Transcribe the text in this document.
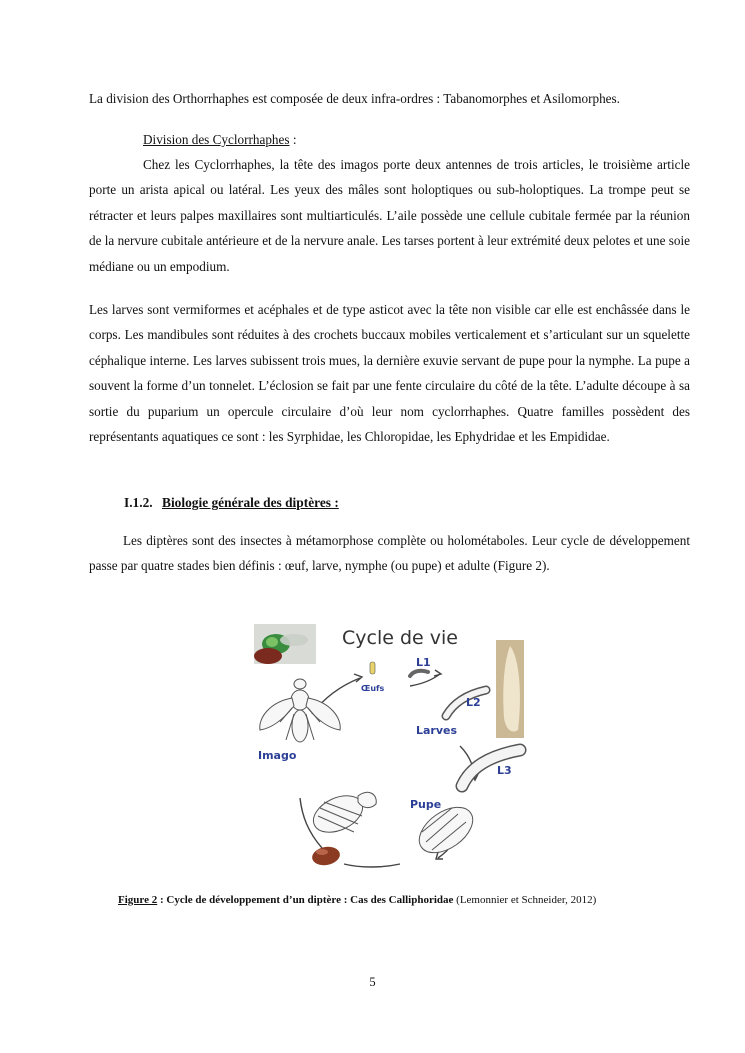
La division des Orthorrhaphes est composée de deux infra-ordres : Tabanomorphes et Asilomorphes.

Division des Cyclorrhaphes :

Chez les Cyclorrhaphes, la tête des imagos porte deux antennes de trois articles, le troisième article porte un arista apical ou latéral. Les yeux des mâles sont holoptiques ou sub-holoptiques. La trompe peut se rétracter et leurs palpes maxillaires sont multiarticulés. L’aile possède une cellule cubitale fermée par la réunion de la nervure cubitale antérieure et de la nervure anale. Les tarses portent à leur extrémité deux pelotes et une soie médiane ou un empodium.

Les larves sont vermiformes et acéphales et de type asticot avec la tête non visible car elle est enchâssée dans le corps. Les mandibules sont réduites à des crochets buccaux mobiles verticalement et s’articulant sur un squelette céphalique interne. Les larves subissent trois mues, la dernière exuvie servant de pupe pour la nymphe. La pupe a souvent la forme d’un tonnelet. L’éclosion se fait par une fente circulaire du côté de la tête. L’adulte découpe à sa sortie du puparium un opercule circulaire d’où leur nom cyclorrhaphes. Quatre familles possèdent des représentants aquatiques ce sont : les Syrphidae, les Chloropidae, les Ephydridae et les Empididae.

I.1.2. Biologie générale des diptères :

Les diptères sont des insectes à métamorphose complète ou holométaboles. Leur cycle de développement passe par quatre stades bien définis : œuf, larve, nymphe (ou pupe) et adulte (Figure 2).

Cycle de vie
Œufs
L1
L2
Larves
L3
Imago
Pupe
Figure 2 : Cycle de développement d’un diptère : Cas des Calliphoridae (Lemonnier et Schneider, 2012)
5
